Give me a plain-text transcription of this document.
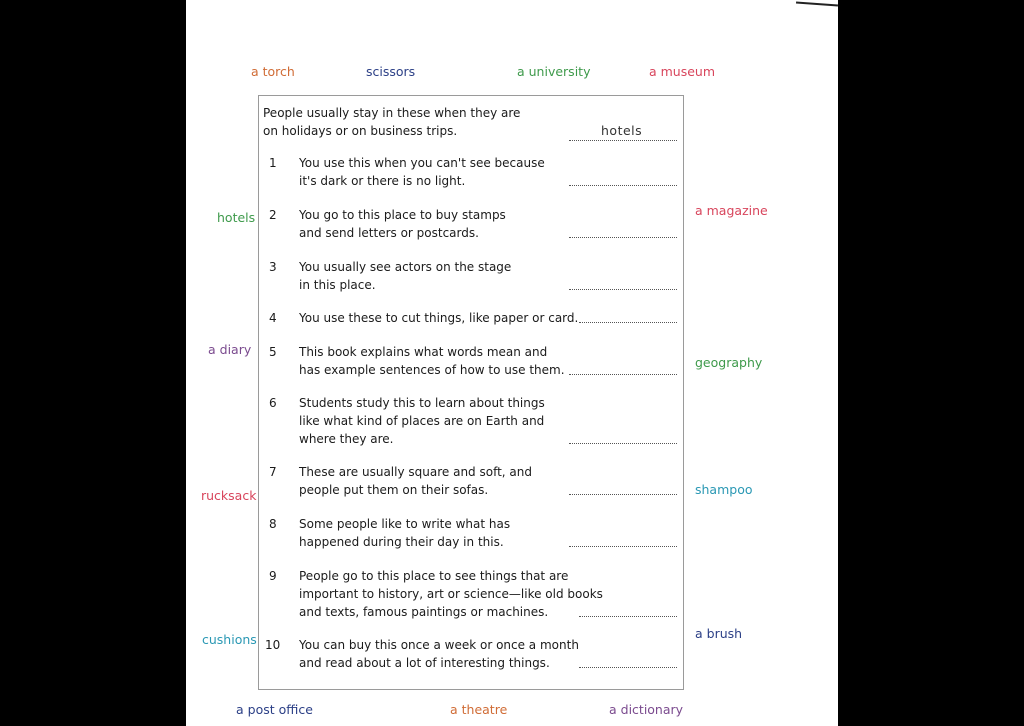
a torch	scissors	a university	a museum
hotels
a diary
rucksack
cushions
a magazine
geography
shampoo
a brush
a post office	a theatre	a dictionary
People usually stay in these when they are
on holidays or on business trips.	hotels
1	You use this when you can't see because
it's dark or there is no light.
2	You go to this place to buy stamps
and send letters or postcards.
3	You usually see actors on the stage
in this place.
4	You use these to cut things, like paper or card.
5	This book explains what words mean and
has example sentences of how to use them.
6	Students study this to learn about things
like what kind of places are on Earth and
where they are.
7	These are usually square and soft, and
people put them on their sofas.
8	Some people like to write what has
happened during their day in this.
9	People go to this place to see things that are
important to history, art or science—like old books
and texts, famous paintings or machines.
10 You can buy this once a week or once a month
and read about a lot of interesting things.
